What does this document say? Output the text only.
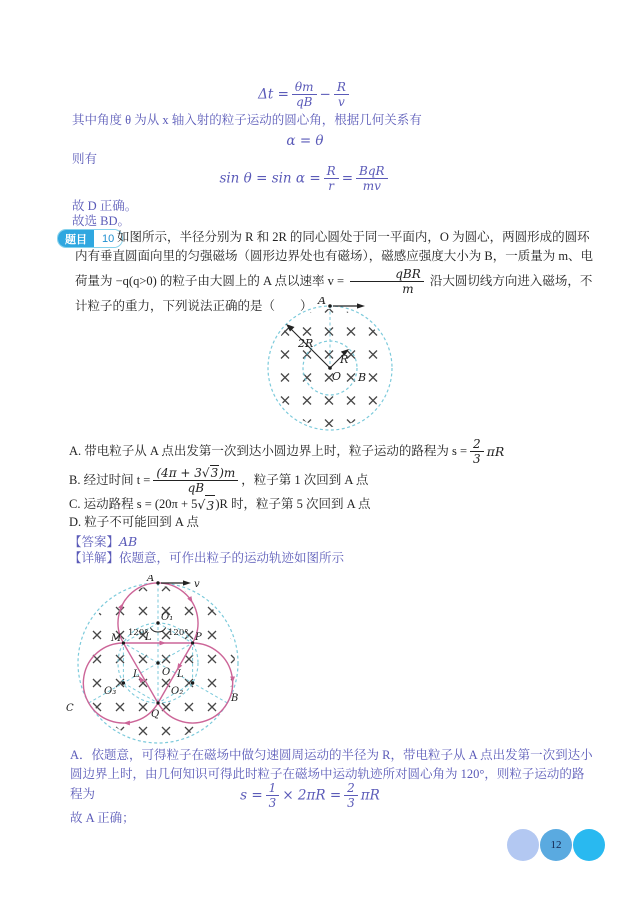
$\Delta t = \frac{\theta m}{qB} - \frac{R}{v}$
其中角度 θ 为从 x 轴入射的粒子运动的圆心角，根据几何关系有
α = θ
则有
$\sin \theta = \sin \alpha = \frac{R}{r} = \frac{\text{BqR}}{mv}$
故 D 正确。
故选 BD。
题目	10 如图所示，半径分别为 R 和 2R 的同心圆处于同一平面内，O 为圆心，两圆形成的圆环内有垂直圆面向里的匀强磁场（圆形边界处也有磁场），磁感应强度大小为 B，一质量为 m、电荷量为 −q(q>0) 的粒子由大圆上的 A 点以速率 $v = \frac{\text{qBR}}{m}$ 沿大圆切线方向进入磁场，不计粒子的重力，下列说法正确的是（　　） A
2R
R
O B
A. 带电粒子从 A 点出发第一次到达小圆边界上时，粒子运动的路程为 $s = \frac{2}{3}$ πR
B. 经过时间 $t = \frac{(4\pi + 3√3)m}{qB}$ ，粒子第 1 次回到 A 点
C. 运动路程 s = (20π + 5 √ 3 )R 时，粒子第 5 次回到 A 点
D. 粒子不可能回到 A 点
【答案】AB
【详解】依题意，可作出粒子的运动轨迹如图所示
A
v
O₁
120° 120°
M L	P
O
L	L
O₃	O₂
C
Q
B
A．依题意，可得粒子在磁场中做匀速圆周运动的半径为 R，带电粒子从 A 点出发第一次到达小圆边界上时，由几何知识可得此时粒子在磁场中运动轨迹所对圆心角为 120°，则粒子运动的路程为	$s = \frac{1}{3} \times 2\pi R = \frac{2}{3}$ πR
故 A 正确；
12
